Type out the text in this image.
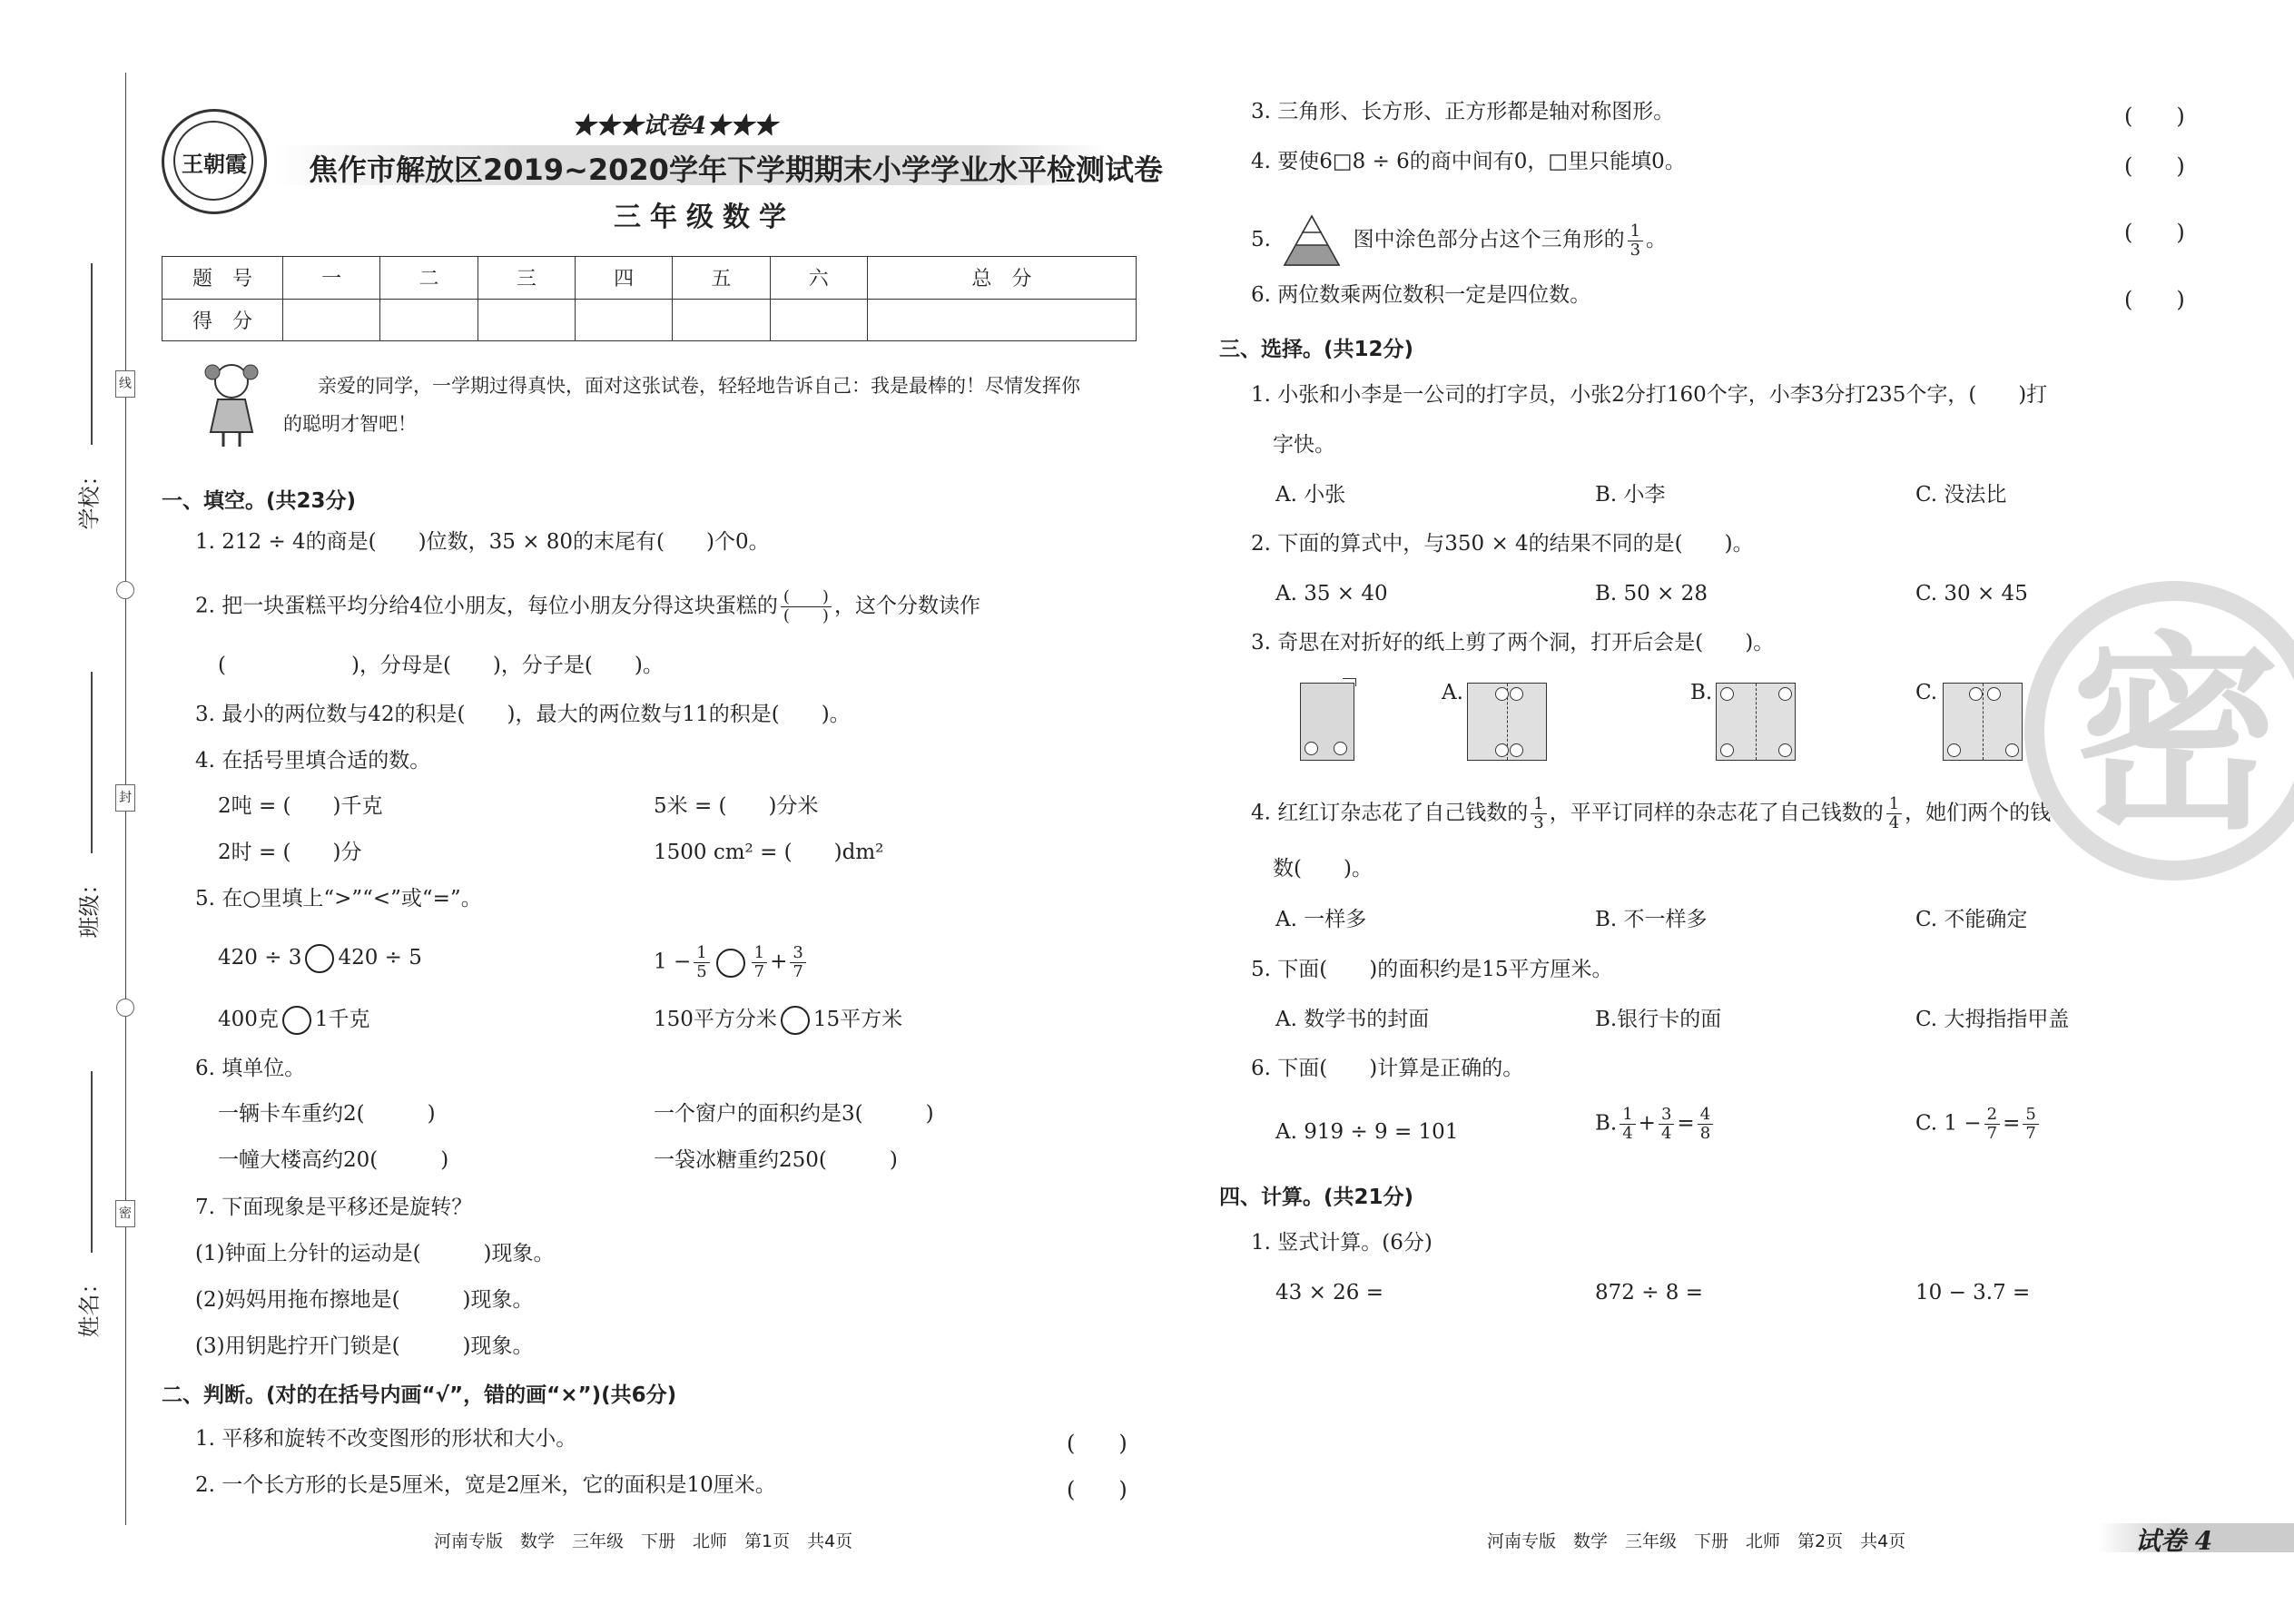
学校：
班级：
姓名：
线
封
密
王朝霞
★★★试卷4★★★
焦作市解放区2019~2020学年下学期期末小学学业水平检测试卷
三年级数学
题　号	一	二	三	四	五	六	总　分
得　分							
亲爱的同学，一学期过得真快，面对这张试卷，轻轻地告诉自己：我是最棒的！尽情发挥你
的聪明才智吧！
一、填空。(共23分)
1. 212 ÷ 4的商是(　　)位数，35 × 80的末尾有(　　)个0。
2. 把一块蛋糕平均分给4位小朋友，每位小朋友分得这块蛋糕的 (　　)
(　　) ，这个分数读作
(　　　　　　)，分母是(　　)，分子是(　　)。
3. 最小的两位数与42的积是(　　)，最大的两位数与11的积是(　　)。
4. 在括号里填合适的数。
2吨 = (　　)千克	5米 = (　　)分米
2时 = (　　)分	1500 cm² = (　　)dm²
5. 在○里填上“>”“<”或“=”。
420 ÷ 3 420 ÷ 5	$1 - \frac{1}{5}$	$\frac{1}{7} + \frac{3}{7}$
400克 1千克	150平方分米 15平方米
6. 填单位。
一辆卡车重约2(　　　)	一个窗户的面积约是3(　　　)
一幢大楼高约20(　　　)	一袋冰糖重约250(　　　)
7. 下面现象是平移还是旋转？
(1)钟面上分针的运动是(　　　)现象。
(2)妈妈用拖布擦地是(　　　)现象。
(3)用钥匙拧开门锁是(　　　)现象。
二、判断。(对的在括号内画“√”，错的画“×”)(共6分)
1. 平移和旋转不改变图形的形状和大小。	(　　)
2. 一个长方形的长是5厘米，宽是2厘米，它的面积是10厘米。	(　　)
河南专版　数学　三年级　下册　北师　第1页　共4页
3. 三角形、长方形、正方形都是轴对称图形。	(　　)
4. 要使6□8 ÷ 6的商中间有0，□里只能填0。	(　　)
5.	图中涂色部分占这个三角形的 $\frac{1}{3}$ 。	(　　)
6. 两位数乘两位数积一定是四位数。	(　　)
三、选择。(共12分)
1. 小张和小李是一公司的打字员，小张2分打160个字，小李3分打235个字，(　　)打
字快。
A. 小张	B. 小李	C. 没法比
2. 下面的算式中，与350 × 4的结果不同的是(　　)。
A. 35 × 40	B. 50 × 28	C. 30 × 45
3. 奇思在对折好的纸上剪了两个洞，打开后会是(　　)。
A.	B.	C.
4. 红红订杂志花了自己钱数的 $\frac{1}{3}$ ，平平订同样的杂志花了自己钱数的 $\frac{1}{4}$ ，她们两个的钱
数(　　)。
A. 一样多	B. 不一样多	C. 不能确定
5. 下面(　　)的面积约是15平方厘米。
A. 数学书的封面	B.银行卡的面	C. 大拇指指甲盖
6. 下面(　　)计算是正确的。
A. 919 ÷ 9 = 101	B. $\frac{1}{4} + \frac{3}{4} = \frac{4}{8}$	C. $1 - \frac{2}{7} = \frac{5}{7}$
四、计算。(共21分)
1. 竖式计算。(6分)
43 × 26 =	872 ÷ 8 =	10 − 3.7 =
密
河南专版　数学　三年级　下册　北师　第2页　共4页	试卷 4
